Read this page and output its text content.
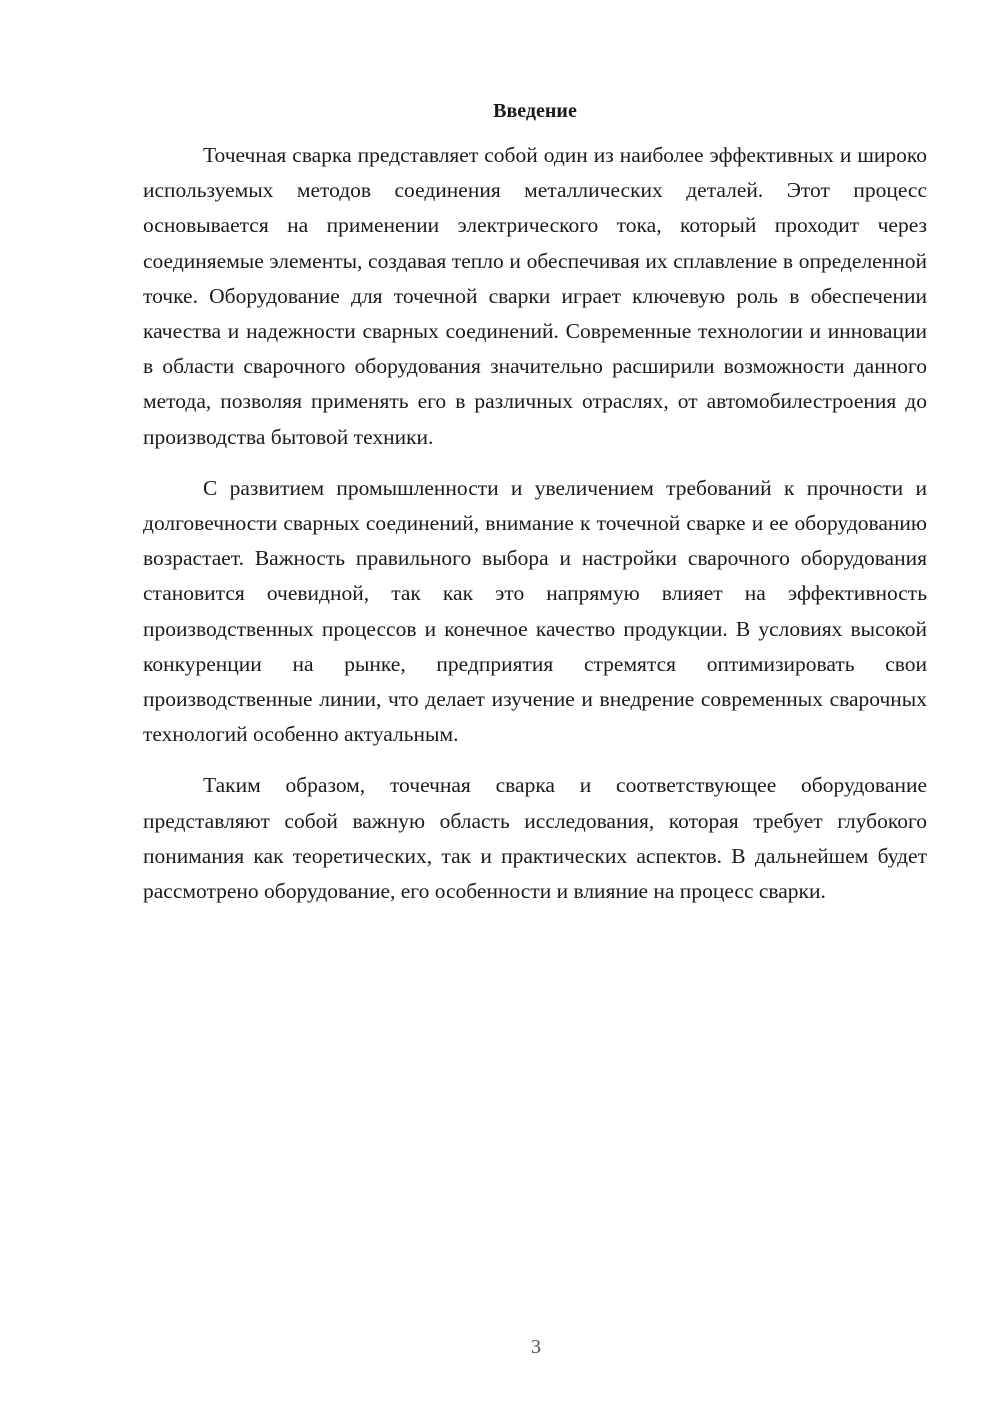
Введение

Точечная сварка представляет собой один из наиболее эффективных и широко используемых методов соединения металлических деталей. Этот процесс основывается на применении электрического тока, который проходит через соединяемые элементы, создавая тепло и обеспечивая их сплавление в определенной точке. Оборудование для точечной сварки играет ключевую роль в обеспечении качества и надежности сварных соединений. Современные технологии и инновации в области сварочного оборудования значительно расширили возможности данного метода, позволяя применять его в различных отраслях, от автомобилестроения до производства бытовой техники.

С развитием промышленности и увеличением требований к прочности и долговечности сварных соединений, внимание к точечной сварке и ее оборудованию возрастает. Важность правильного выбора и настройки сварочного оборудования становится очевидной, так как это напрямую влияет на эффективность производственных процессов и конечное качество продукции. В условиях высокой конкуренции на рынке, предприятия стремятся оптимизировать свои производственные линии, что делает изучение и внедрение современных сварочных технологий особенно актуальным.

Таким образом, точечная сварка и соответствующее оборудование представляют собой важную область исследования, которая требует глубокого понимания как теоретических, так и практических аспектов. В дальнейшем будет рассмотрено оборудование, его особенности и влияние на процесс сварки.

3
